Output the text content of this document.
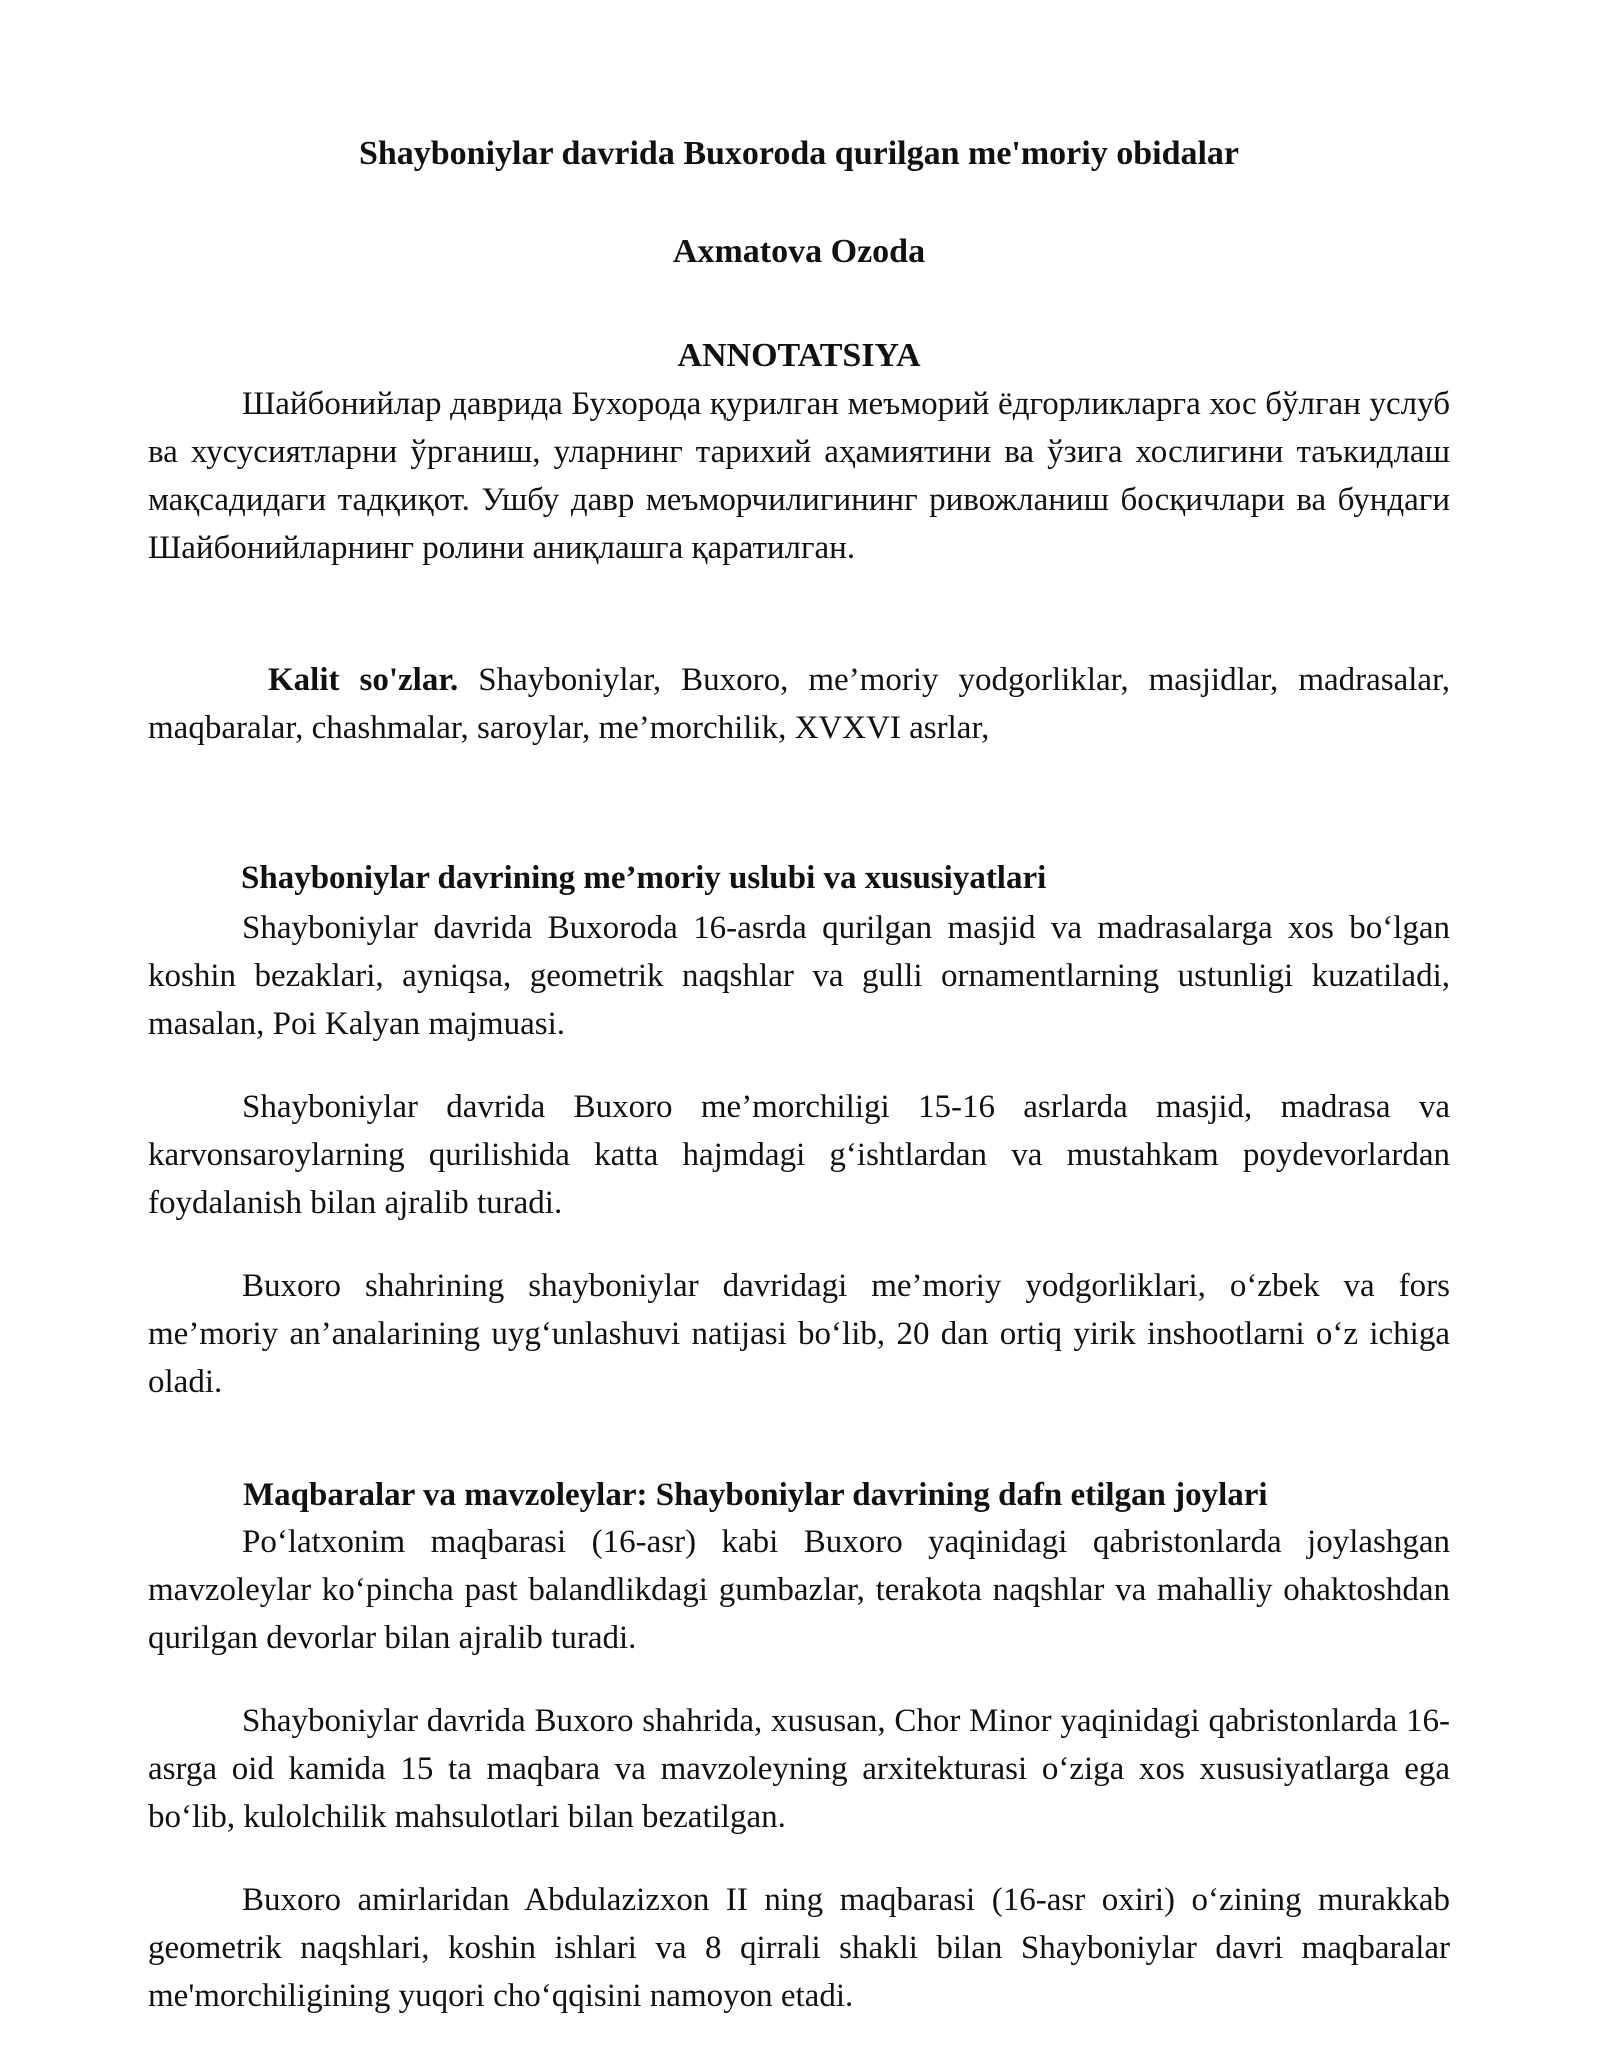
Shayboniylar davrida Buxoroda qurilgan me'moriy obidalar
Axmatova Ozoda
ANNOTATSIYA

Шайбонийлар даврида Бухорода қурилган меъморий ёдгорликларга хос бўлган услуб ва хусусиятларни ўрганиш, уларнинг тарихий аҳамиятини ва ўзига хослигини таъкидлаш мақсадидаги тадқиқот. Ушбу давр меъморчилигининг ривожланиш босқичлари ва бундаги Шайбонийларнинг ролини аниқлашга қаратилган.

Kalit so'zlar. Shayboniylar, Buxoro, me’moriy yodgorliklar, masjidlar, madrasalar, maqbaralar, chashmalar, saroylar, me’morchilik, XVXVI asrlar,

Shayboniylar davrining me’moriy uslubi va xususiyatlari

Shayboniylar davrida Buxoroda 16-asrda qurilgan masjid va madrasalarga xos bo‘lgan koshin bezaklari, ayniqsa, geometrik naqshlar va gulli ornamentlarning ustunligi kuzatiladi, masalan, Poi Kalyan majmuasi.

Shayboniylar davrida Buxoro me’morchiligi 15-16 asrlarda masjid, madrasa va karvonsaroylarning qurilishida katta hajmdagi g‘ishtlardan va mustahkam poydevorlardan foydalanish bilan ajralib turadi.

Buxoro shahrining shayboniylar davridagi me’moriy yodgorliklari, o‘zbek va fors me’moriy an’analarining uyg‘unlashuvi natijasi bo‘lib, 20 dan ortiq yirik inshootlarni o‘z ichiga oladi.

Maqbaralar va mavzoleylar: Shayboniylar davrining dafn etilgan joylari

Po‘latxonim maqbarasi (16-asr) kabi Buxoro yaqinidagi qabristonlarda joylashgan mavzoleylar ko‘pincha past balandlikdagi gumbazlar, terakota naqshlar va mahalliy ohaktoshdan qurilgan devorlar bilan ajralib turadi.

Shayboniylar davrida Buxoro shahrida, xususan, Chor Minor yaqinidagi qabristonlarda 16-asrga oid kamida 15 ta maqbara va mavzoleyning arxitekturasi o‘ziga xos xususiyatlarga ega bo‘lib, kulolchilik mahsulotlari bilan bezatilgan.

Buxoro amirlaridan Abdulazizxon II ning maqbarasi (16-asr oxiri) o‘zining murakkab geometrik naqshlari, koshin ishlari va 8 qirrali shakli bilan Shayboniylar davri maqbaralar me'morchiligining yuqori cho‘qqisini namoyon etadi.
